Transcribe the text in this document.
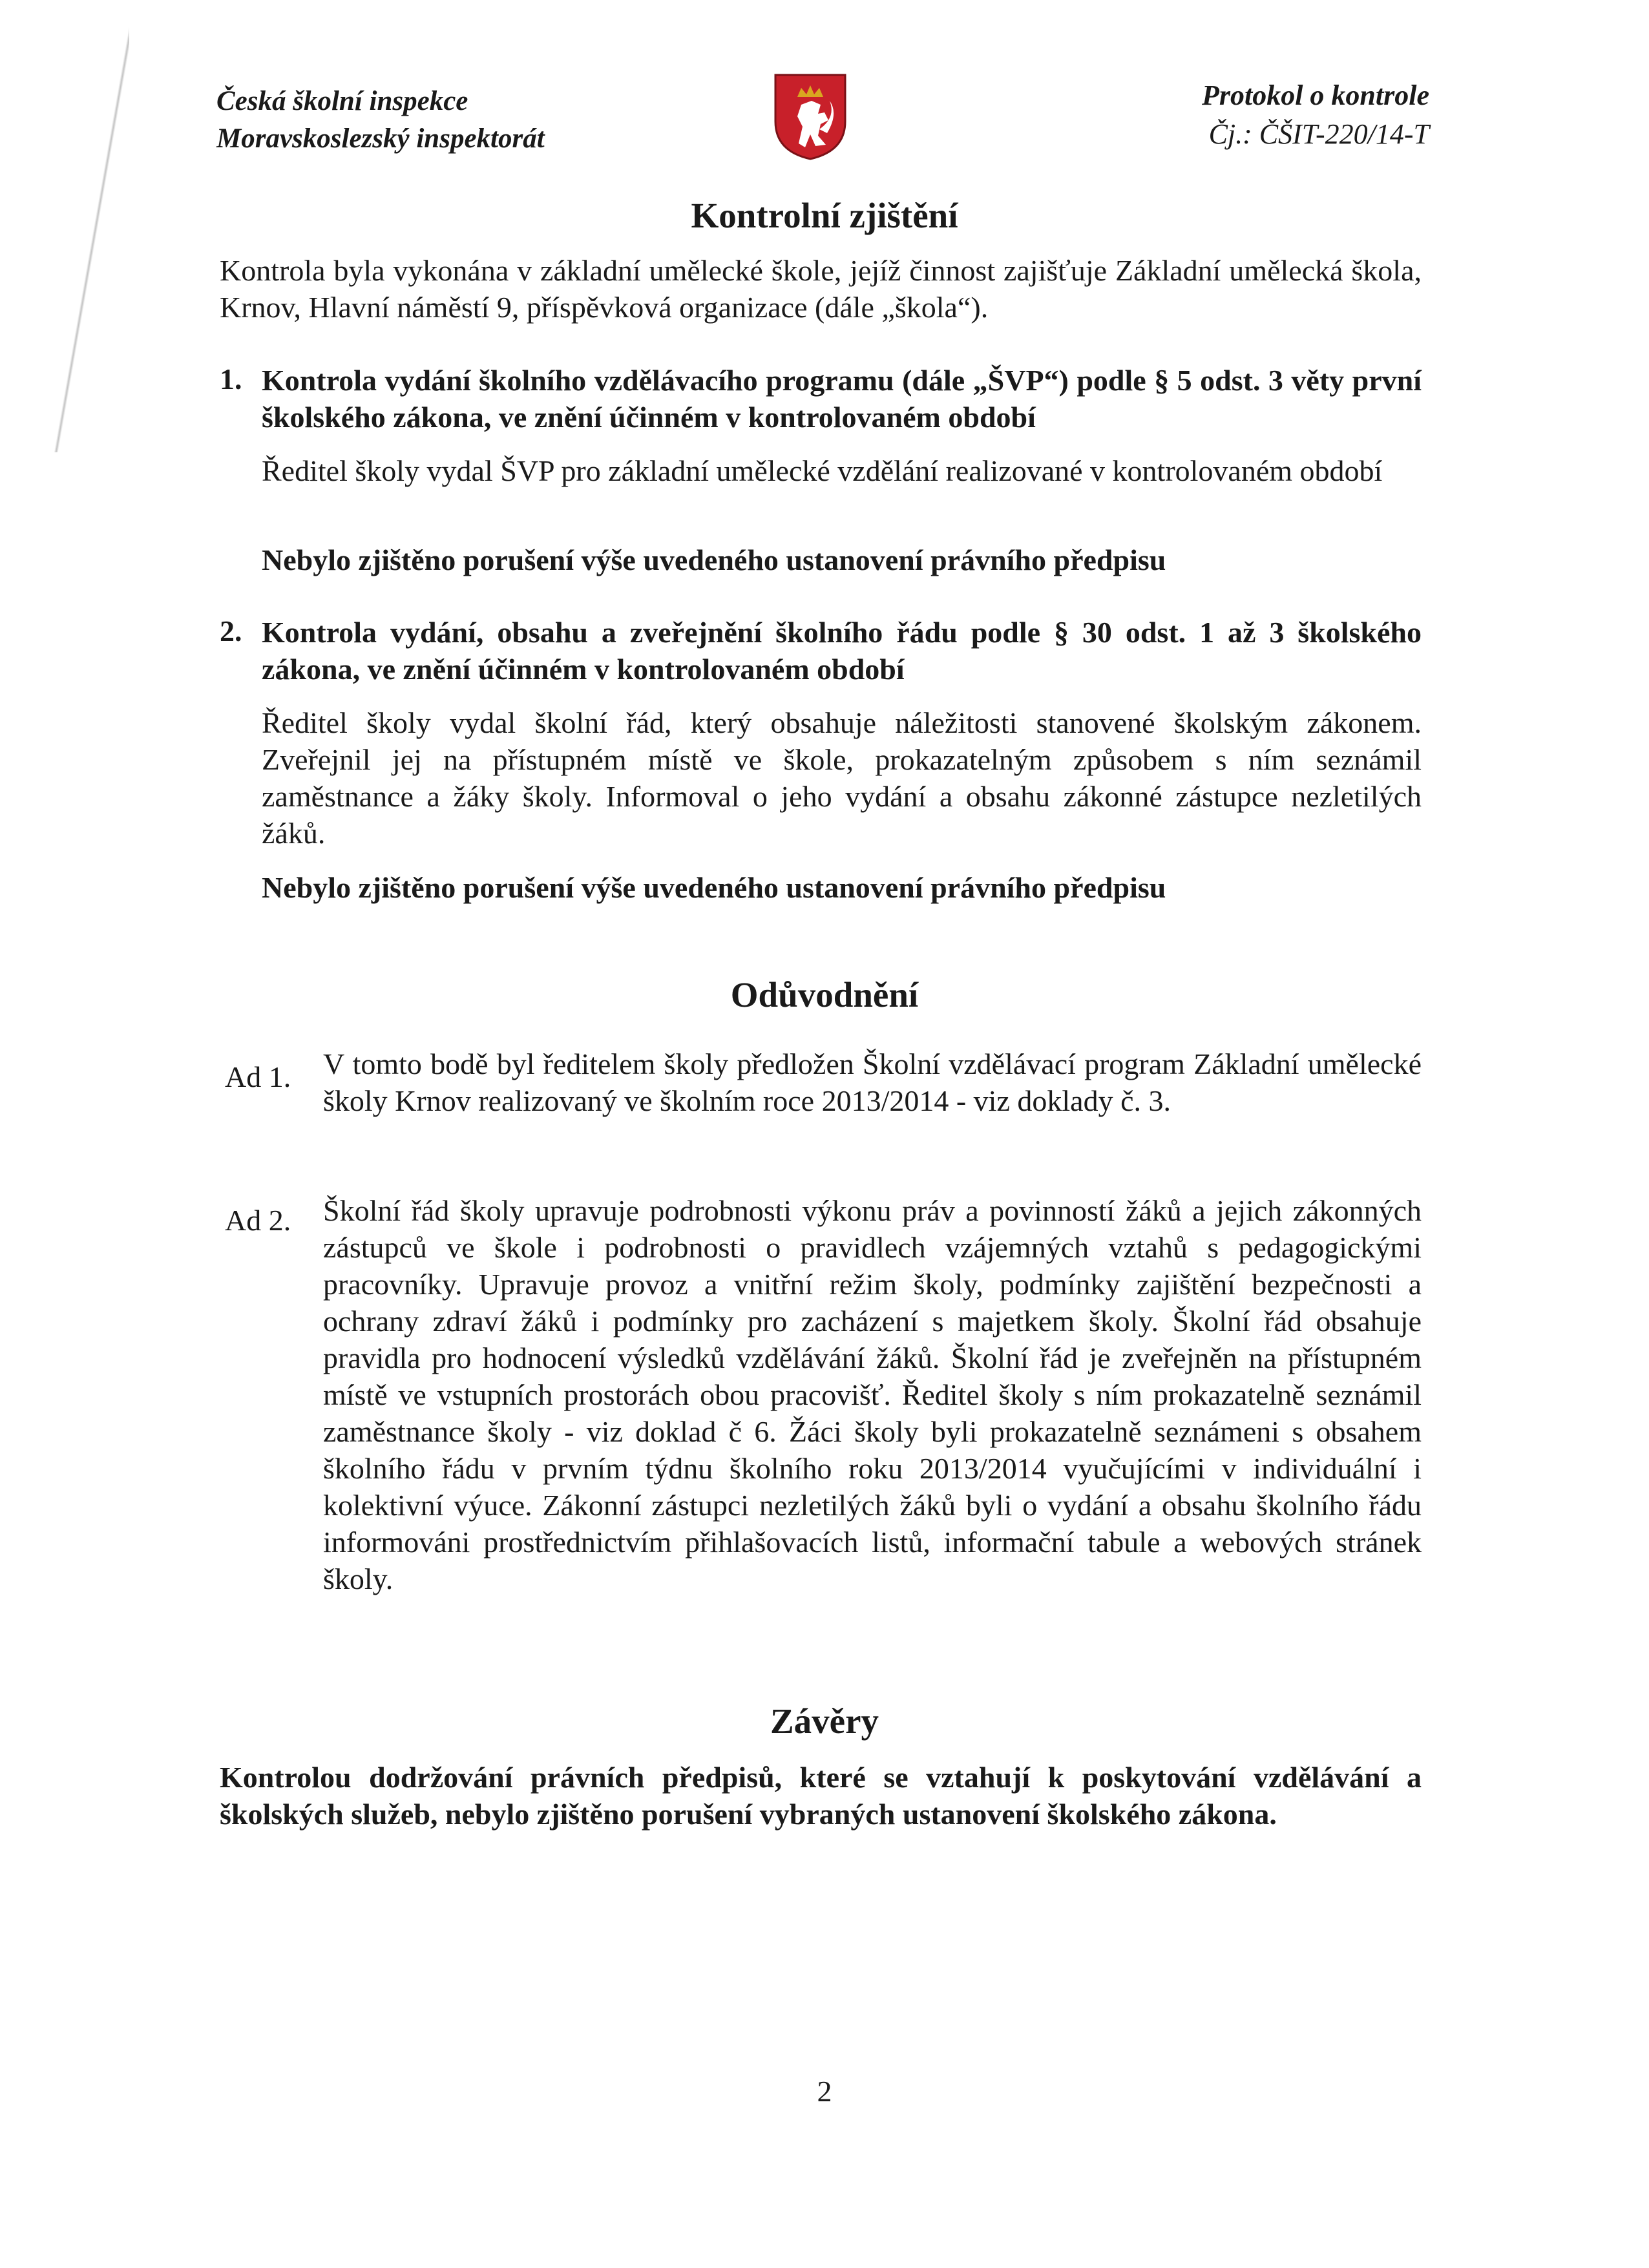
Česká školní inspekce
Moravskoslezský inspektorát
Protokol o kontrole
Čj.: ČŠIT-220/14-T
Kontrolní zjištění
Kontrola byla vykonána v základní umělecké škole, jejíž činnost zajišťuje Základní umělecká škola, Krnov, Hlavní náměstí 9, příspěvková organizace (dále „škola“).
1. Kontrola vydání školního vzdělávacího programu (dále „ŠVP“) podle § 5 odst. 3 věty první školského zákona, ve znění účinném v kontrolovaném období
Ředitel školy vydal ŠVP pro základní umělecké vzdělání realizované v kontrolovaném období
Nebylo zjištěno porušení výše uvedeného ustanovení právního předpisu
2. Kontrola vydání, obsahu a zveřejnění školního řádu podle § 30 odst. 1 až 3 školského zákona, ve znění účinném v kontrolovaném období
Ředitel školy vydal školní řád, který obsahuje náležitosti stanovené školským zákonem. Zveřejnil jej na přístupném místě ve škole, prokazatelným způsobem s ním seznámil zaměstnance a žáky školy. Informoval o jeho vydání a obsahu zákonné zástupce nezletilých žáků.
Nebylo zjištěno porušení výše uvedeného ustanovení právního předpisu
Odůvodnění
Ad 1. V tomto bodě byl ředitelem školy předložen Školní vzdělávací program Základní umělecké školy Krnov realizovaný ve školním roce 2013/2014 - viz doklady č. 3.
Ad 2. Školní řád školy upravuje podrobnosti výkonu práv a povinností žáků a jejich zákonných zástupců ve škole i podrobnosti o pravidlech vzájemných vztahů s pedagogickými pracovníky. Upravuje provoz a vnitřní režim školy, podmínky zajištění bezpečnosti a ochrany zdraví žáků i podmínky pro zacházení s majetkem školy. Školní řád obsahuje pravidla pro hodnocení výsledků vzdělávání žáků. Školní řád je zveřejněn na přístupném místě ve vstupních prostorách obou pracovišť. Ředitel školy s ním prokazatelně seznámil zaměstnance školy - viz doklad č 6. Žáci školy byli prokazatelně seznámeni s obsahem školního řádu v prvním týdnu školního roku 2013/2014 vyučujícími v individuální i kolektivní výuce. Zákonní zástupci nezletilých žáků byli o vydání a obsahu školního řádu informováni prostřednictvím přihlašovacích listů, informační tabule a webových stránek školy.
Závěry
Kontrolou dodržování právních předpisů, které se vztahují k poskytování vzdělávání a školských služeb, nebylo zjištěno porušení vybraných ustanovení školského zákona.
2
